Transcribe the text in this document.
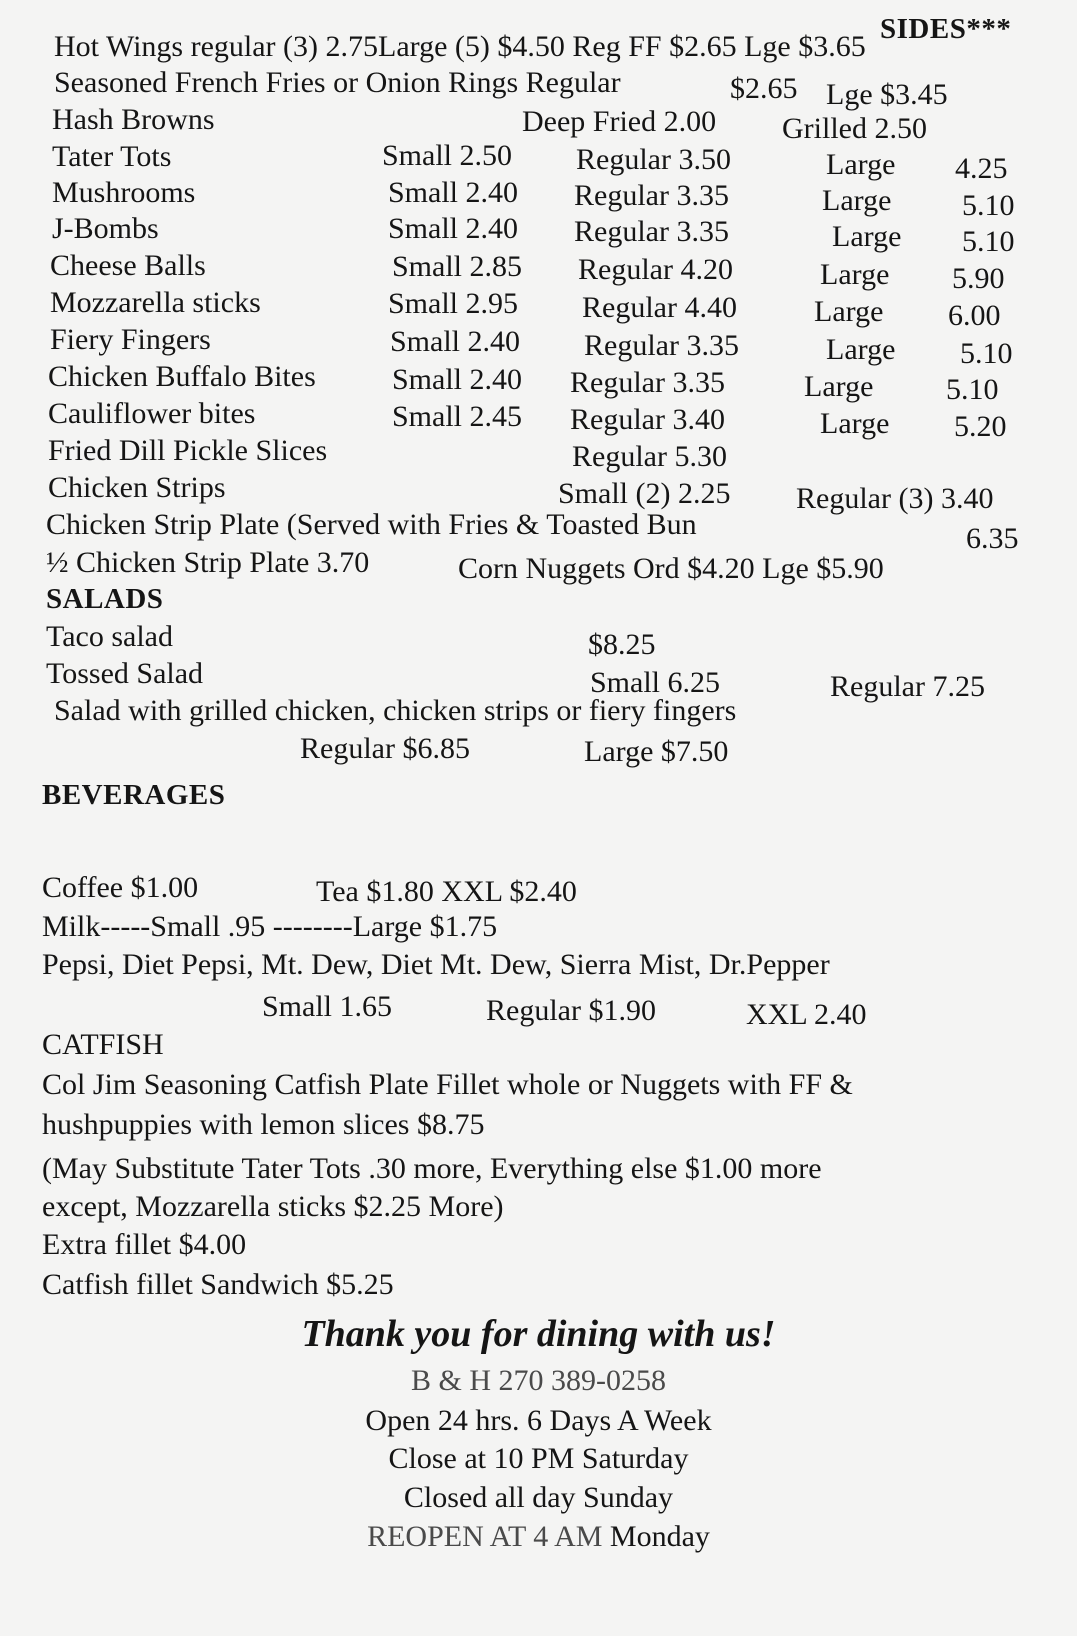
SIDES***
Hot Wings regular (3) 2.75Large (5) $4.50 Reg FF $2.65 Lge $3.65
Seasoned French Fries or Onion Rings Regular	$2.65 Lge $3.45
Hash Browns	Deep Fried 2.00 Grilled 2.50
Tater Tots	Small 2.50 Regular 3.50	Large 4.25
Mushrooms	Small 2.40 Regular 3.35	Large 5.10
J-Bombs	Small 2.40 Regular 3.35	Large 5.10
Cheese Balls	Small 2.85 Regular 4.20	Large 5.90
Mozzarella sticks	Small 2.95 Regular 4.40	Large 6.00
Fiery Fingers	Small 2.40 Regular 3.35	Large 5.10
Chicken Buffalo Bites	Small 2.40 Regular 3.35	Large 5.10
Cauliflower bites	Small 2.45 Regular 3.40	Large 5.20
Fried Dill Pickle Slices	Regular 5.30
Chicken Strips	Small (2) 2.25 Regular (3) 3.40
Chicken Strip Plate (Served with Fries & Toasted Bun	6.35
½ Chicken Strip Plate 3.70	Corn Nuggets Ord $4.20 Lge $5.90
SALADS
Taco salad	$8.25
Tossed Salad	Small 6.25	Regular 7.25
Salad with grilled chicken, chicken strips or fiery fingers
Regular $6.85	Large $7.50
BEVERAGES
Coffee $1.00	Tea $1.80 XXL $2.40
Milk-----Small .95 --------Large $1.75
Pepsi, Diet Pepsi, Mt. Dew, Diet Mt. Dew, Sierra Mist, Dr.Pepper
Small 1.65	Regular $1.90	XXL 2.40
CATFISH
Col Jim Seasoning Catfish Plate Fillet whole or Nuggets with FF &
hushpuppies with lemon slices $8.75
(May Substitute Tater Tots .30 more, Everything else $1.00 more
except, Mozzarella sticks $2.25 More)
Extra fillet $4.00
Catfish fillet Sandwich $5.25
Thank you for dining with us!
B & H 270 389-0258
Open 24 hrs. 6 Days A Week
Close at 10 PM Saturday
Closed all day Sunday
REOPEN AT 4 AM Monday
